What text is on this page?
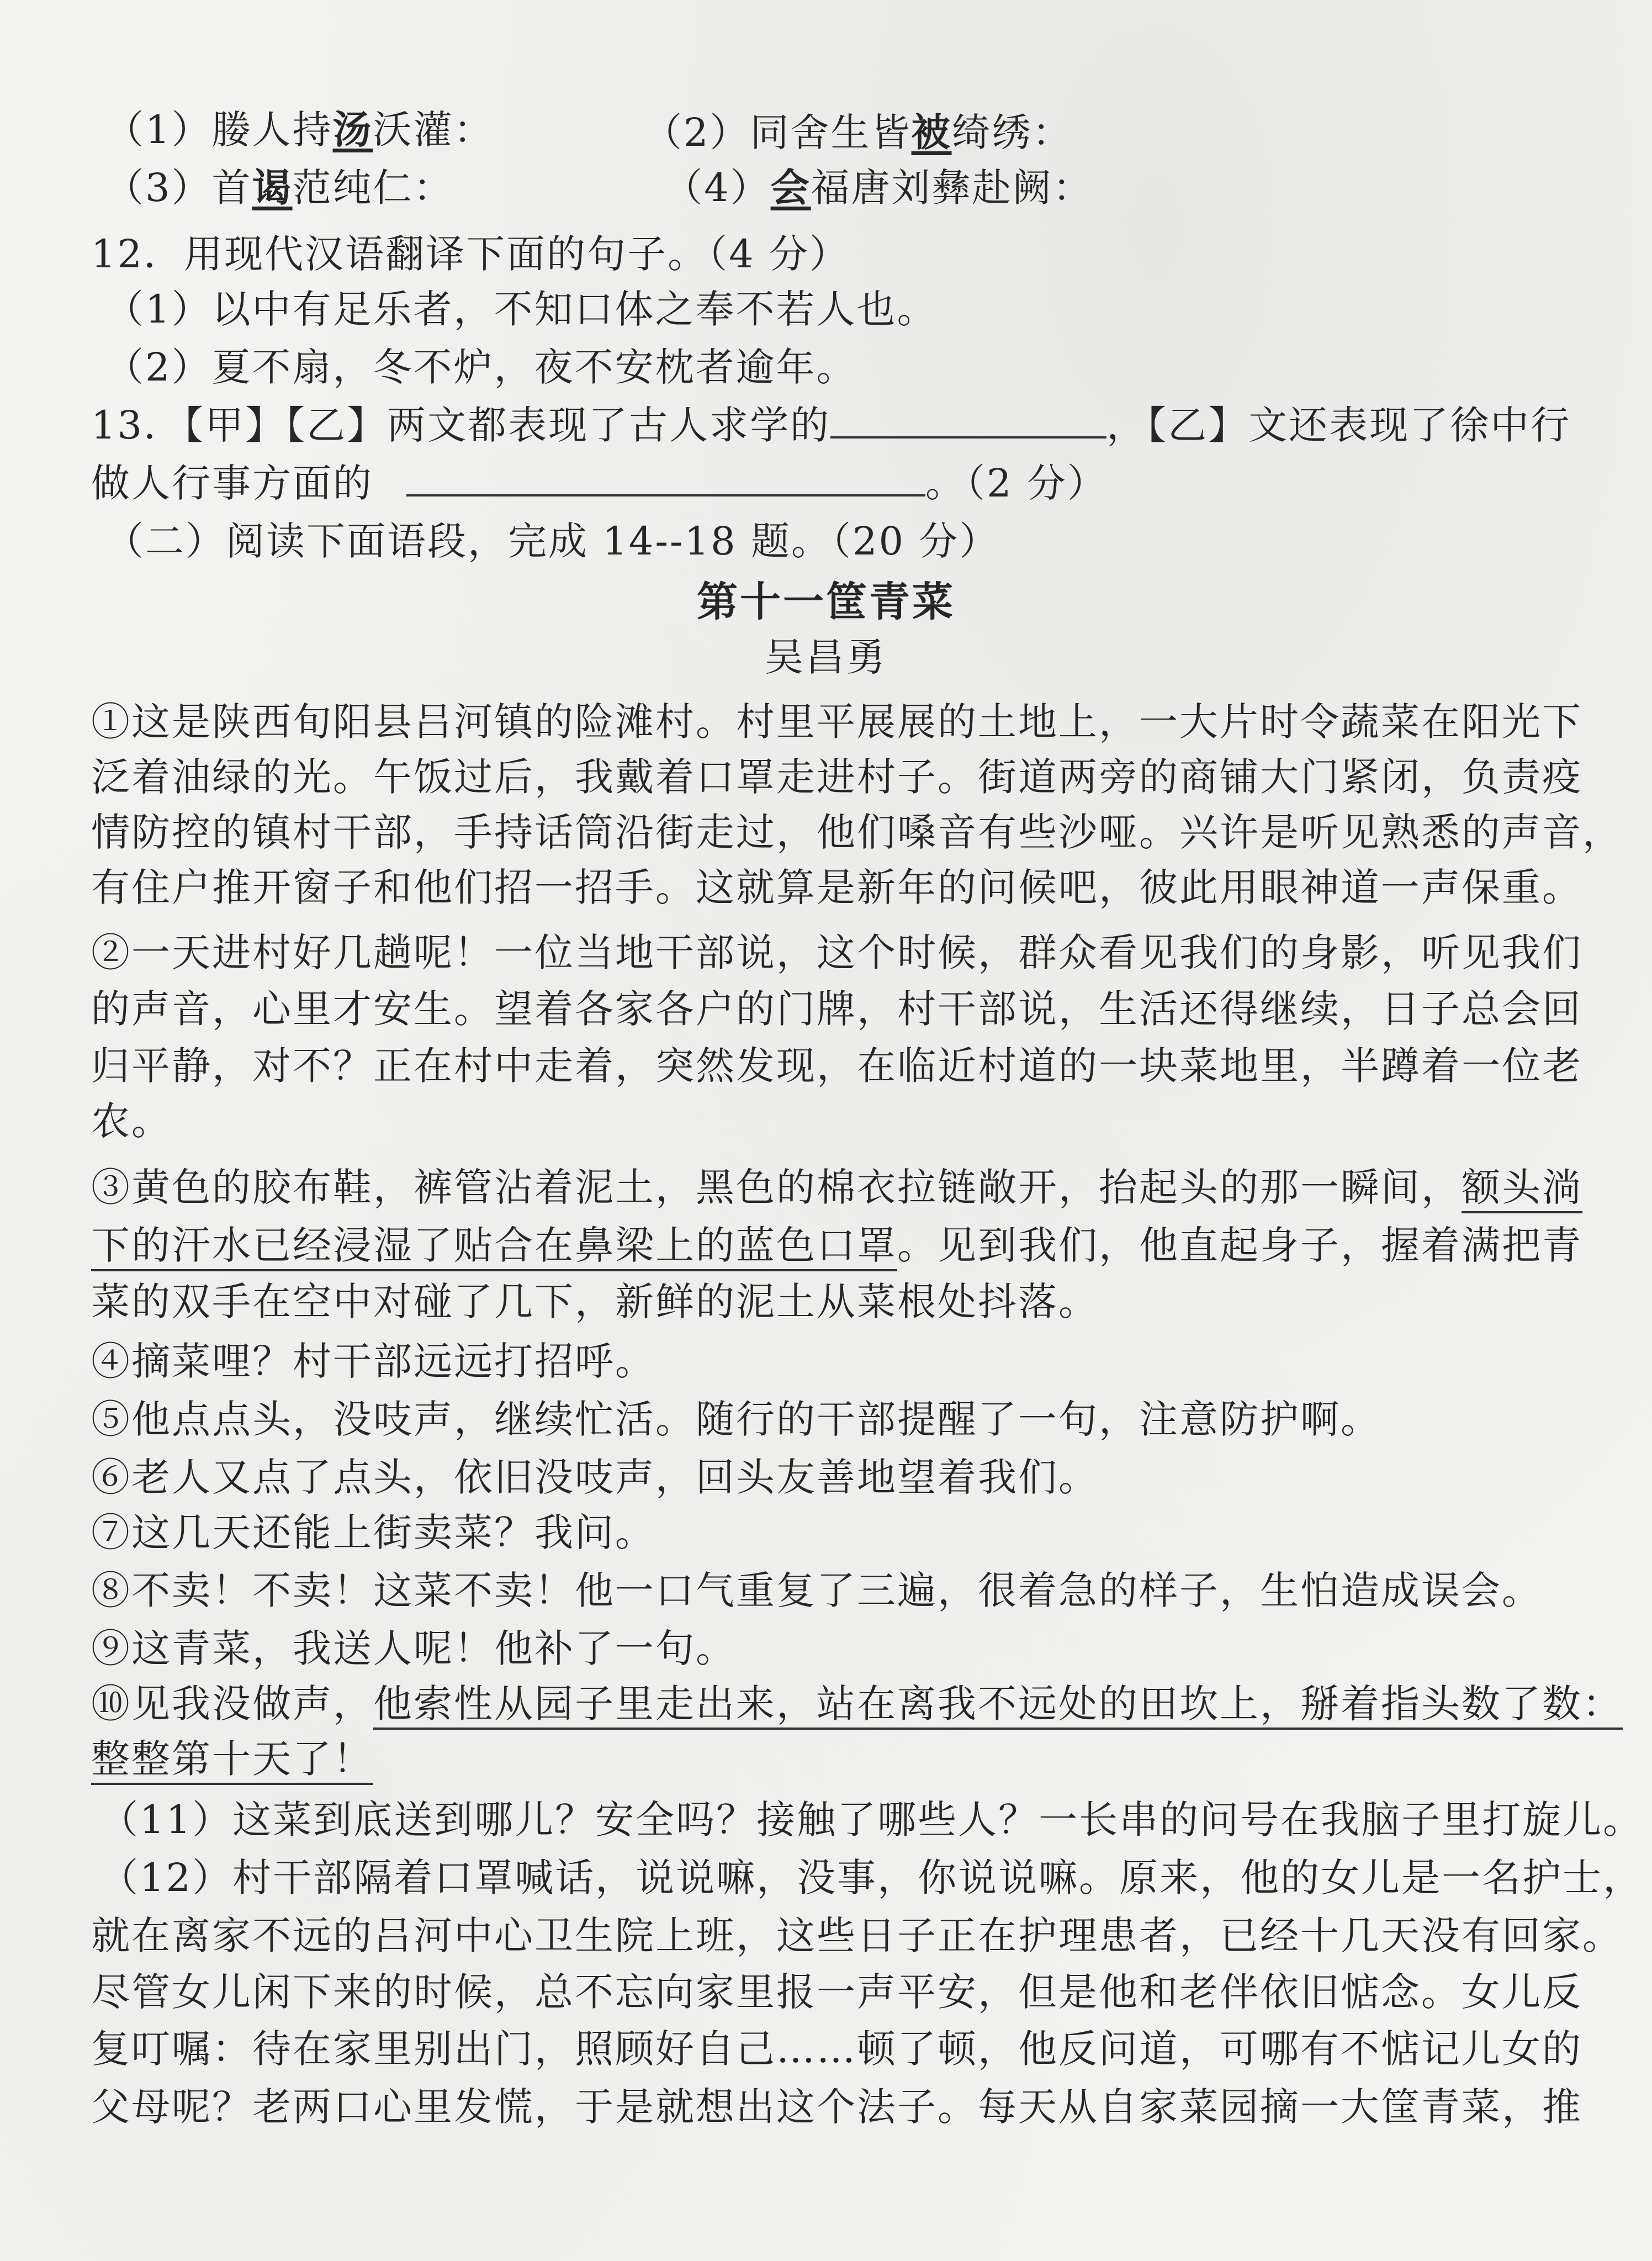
（1）媵人持汤沃灌：	（2）同舍生皆被绮绣：
（3）首谒范纯仁：	（4）会福唐刘彝赴阙：
12．用现代汉语翻译下面的句子。（4 分）
（1）以中有足乐者，不知口体之奉不若人也。
（2）夏不扇，冬不炉，夜不安枕者逾年。
13．【甲】【乙】两文都表现了古人求学的	，【乙】文还表现了徐中行
做人行事方面的	。（2 分）
（二）阅读下面语段，完成 14--18 题。（20 分）
第十一筐青菜
吴昌勇
①这是陕西旬阳县吕河镇的险滩村。村里平展展的土地上，一大片时令蔬菜在阳光下
泛着油绿的光。午饭过后，我戴着口罩走进村子。街道两旁的商铺大门紧闭，负责疫
情防控的镇村干部，手持话筒沿街走过，他们嗓音有些沙哑。兴许是听见熟悉的声音，
有住户推开窗子和他们招一招手。这就算是新年的问候吧，彼此用眼神道一声保重。
②一天进村好几趟呢！一位当地干部说，这个时候，群众看见我们的身影，听见我们
的声音，心里才安生。望着各家各户的门牌，村干部说，生活还得继续，日子总会回
归平静，对不？正在村中走着，突然发现，在临近村道的一块菜地里，半蹲着一位老
农。
③黄色的胶布鞋，裤管沾着泥土，黑色的棉衣拉链敞开，抬起头的那一瞬间，额头淌
下的汗水已经浸湿了贴合在鼻梁上的蓝色口罩。见到我们，他直起身子，握着满把青
菜的双手在空中对碰了几下，新鲜的泥土从菜根处抖落。
④摘菜哩？村干部远远打招呼。
⑤他点点头，没吱声，继续忙活。随行的干部提醒了一句，注意防护啊。
⑥老人又点了点头，依旧没吱声，回头友善地望着我们。
⑦这几天还能上街卖菜？我问。
⑧不卖！不卖！这菜不卖！他一口气重复了三遍，很着急的样子，生怕造成误会。
⑨这青菜，我送人呢！他补了一句。
⑩见我没做声，他索性从园子里走出来，站在离我不远处的田坎上，掰着指头数了数：
整整第十天了！
（11）这菜到底送到哪儿？安全吗？接触了哪些人？一长串的问号在我脑子里打旋儿。
（12）村干部隔着口罩喊话，说说嘛，没事，你说说嘛。原来，他的女儿是一名护士，
就在离家不远的吕河中心卫生院上班，这些日子正在护理患者，已经十几天没有回家。
尽管女儿闲下来的时候，总不忘向家里报一声平安，但是他和老伴依旧惦念。女儿反
复叮嘱：待在家里别出门，照顾好自己……顿了顿，他反问道，可哪有不惦记儿女的
父母呢？老两口心里发慌，于是就想出这个法子。每天从自家菜园摘一大筐青菜，推
